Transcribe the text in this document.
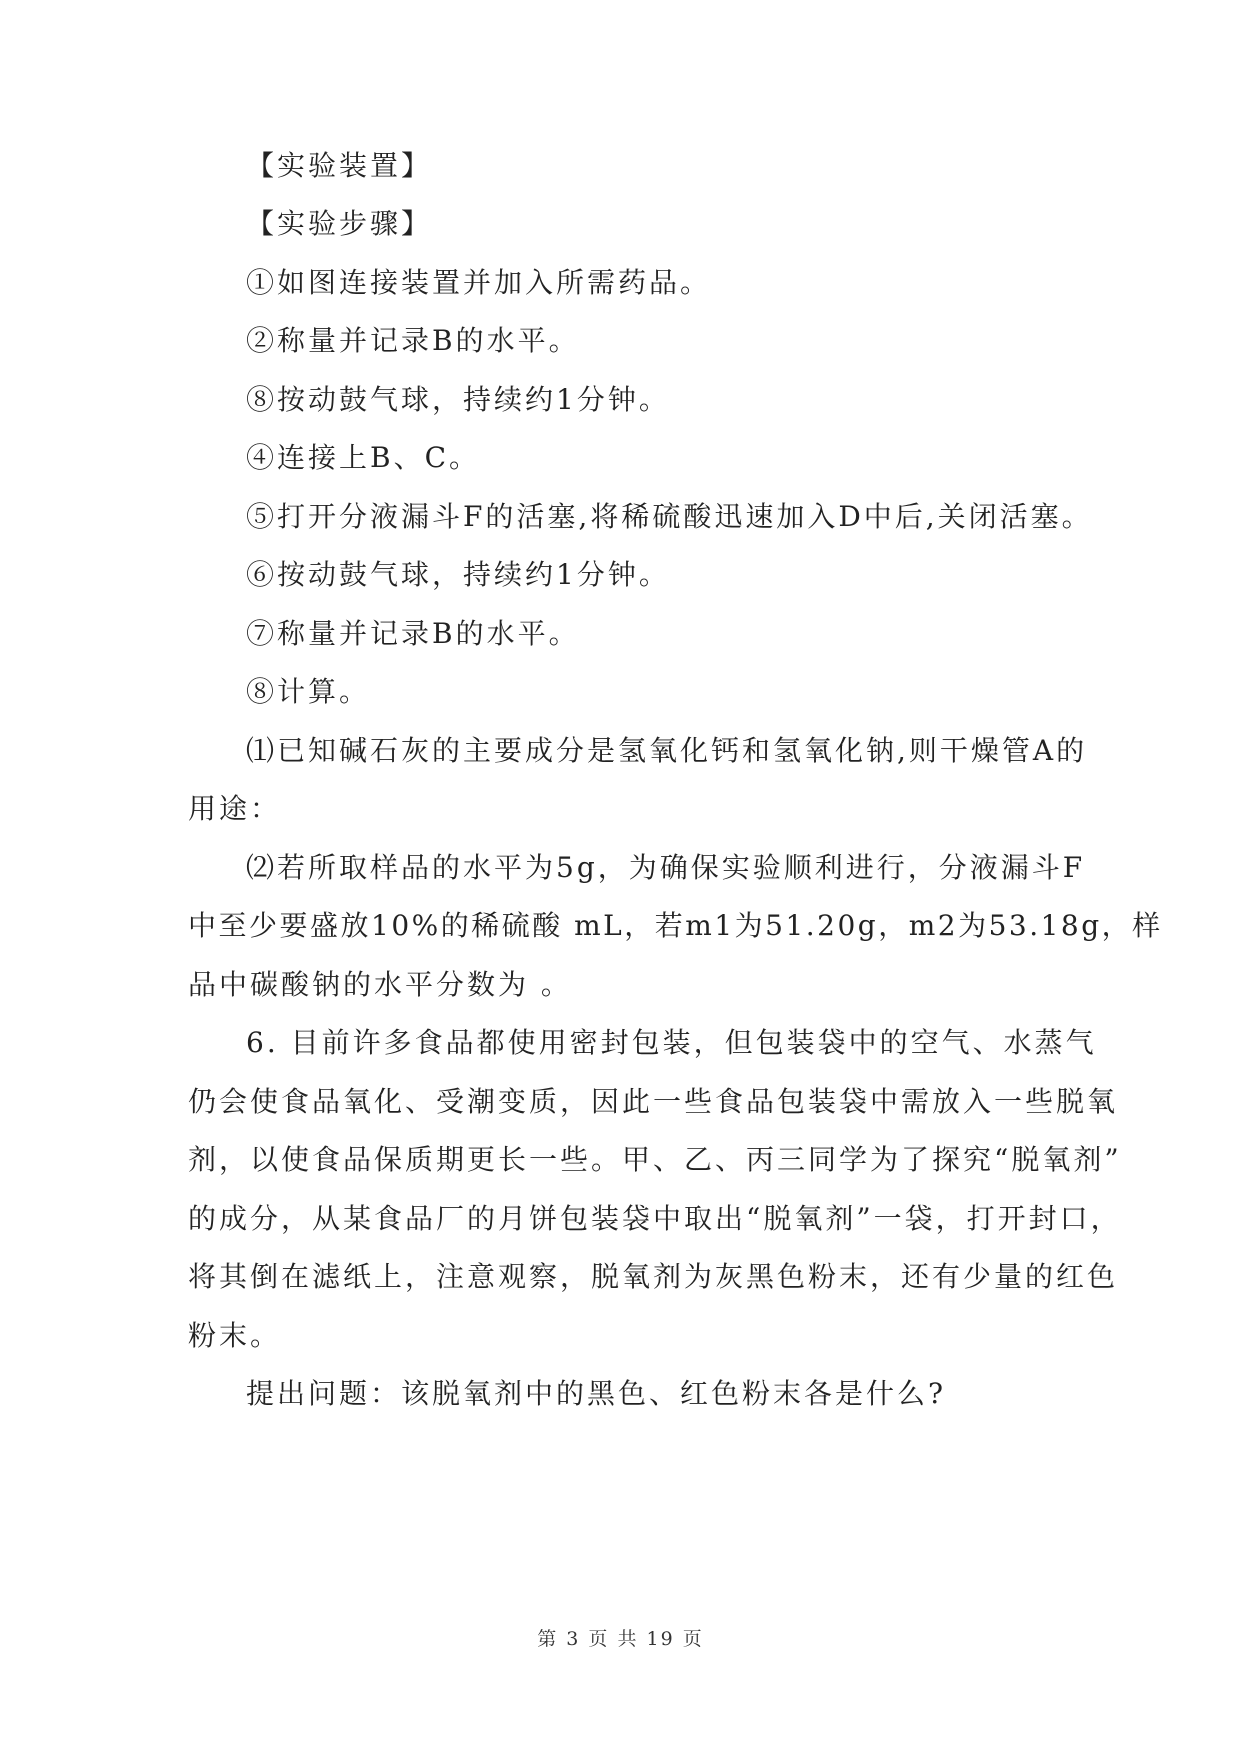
【实验装置】
【实验步骤】
①如图连接装置并加入所需药品。
②称量并记录B的水平。
⑧按动鼓气球，持续约1分钟。
④连接上B、C。
⑤打开分液漏斗F的活塞,将稀硫酸迅速加入D中后,关闭活塞。
⑥按动鼓气球，持续约1分钟。
⑦称量并记录B的水平。
⑧计算。
⑴已知碱石灰的主要成分是氢氧化钙和氢氧化钠,则干燥管A的
用途：
⑵若所取样品的水平为5g，为确保实验顺利进行，分液漏斗F
中至少要盛放10%的稀硫酸 mL，若m1为51.20g，m2为53.18g，样
品中碳酸钠的水平分数为 。
6. 目前许多食品都使用密封包装，但包装袋中的空气、水蒸气
仍会使食品氧化、受潮变质，因此一些食品包装袋中需放入一些脱氧
剂，以使食品保质期更长一些。甲、乙、丙三同学为了探究“脱氧剂”
的成分，从某食品厂的月饼包装袋中取出“脱氧剂”一袋，打开封口，
将其倒在滤纸上，注意观察，脱氧剂为灰黑色粉末，还有少量的红色
粉末。
提出问题：该脱氧剂中的黑色、红色粉末各是什么?
第 3 页 共 19 页
